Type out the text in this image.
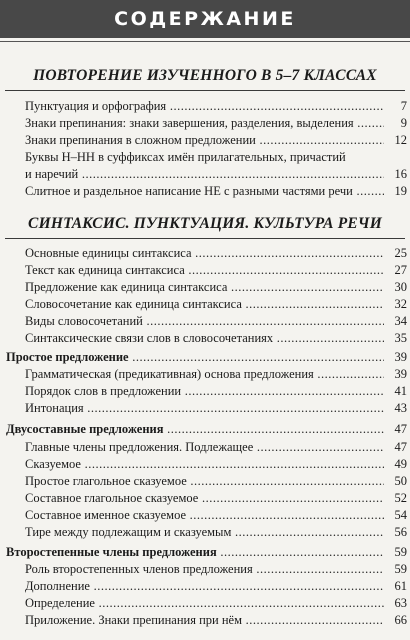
СОДЕРЖАНИЕ
ПОВТОРЕНИЕ ИЗУЧЕННОГО В 5–7 КЛАССАХ
Пунктуация и орфография .....	7
Знаки препинания: знаки завершения, разделения, выделения .....	9
Знаки препинания в сложном предложении .....	12
Буквы Н–НН в суффиксах имён прилагательных, причастий
и наречий .....	16
Слитное и раздельное написание НЕ с разными частями речи .....	19
СИНТАКСИС. ПУНКТУАЦИЯ. КУЛЬТУРА РЕЧИ
Основные единицы синтаксиса .....	25
Текст как единица синтаксиса .....	27
Предложение как единица синтаксиса .....	30
Словосочетание как единица синтаксиса .....	32
Виды словосочетаний .....	34
Синтаксические связи слов в словосочетаниях .....	35
Простое предложение .....	39
Грамматическая (предикативная) основа предложения .....	39
Порядок слов в предложении .....	41
Интонация .....	43
Двусоставные предложения .....	47
Главные члены предложения. Подлежащее .....	47
Сказуемое .....	49
Простое глагольное сказуемое .....	50
Составное глагольное сказуемое .....	52
Составное именное сказуемое .....	54
Тире между подлежащим и сказуемым .....	56
Второстепенные члены предложения .....	59
Роль второстепенных членов предложения .....	59
Дополнение .....	61
Определение .....	63
Приложение. Знаки препинания при нём .....	66
